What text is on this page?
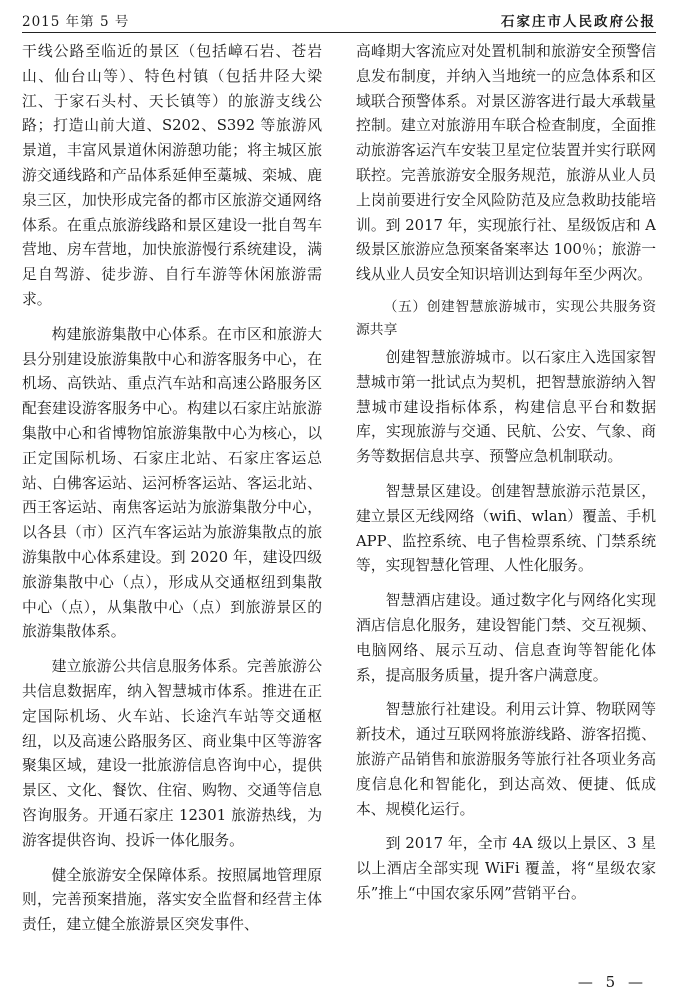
2015 年第 5 号	石家庄市人民政府公报

干线公路至临近的景区（包括嶂石岩、苍岩山、仙台山等）、特色村镇（包括井陉大梁江、于家石头村、天长镇等）的旅游支线公路；打造山前大道、S202、S392 等旅游风景道，丰富风景道休闲游憩功能；将主城区旅游交通线路和产品体系延伸至藁城、栾城、鹿泉三区，加快形成完备的都市区旅游交通网络体系。在重点旅游线路和景区建设一批自驾车营地、房车营地，加快旅游慢行系统建设，满足自驾游、徒步游、自行车游等休闲旅游需求。

构建旅游集散中心体系。在市区和旅游大县分别建设旅游集散中心和游客服务中心，在机场、高铁站、重点汽车站和高速公路服务区配套建设游客服务中心。构建以石家庄站旅游集散中心和省博物馆旅游集散中心为核心，以正定国际机场、石家庄北站、石家庄客运总站、白佛客运站、运河桥客运站、客运北站、西王客运站、南焦客运站为旅游集散分中心，以各县（市）区汽车客运站为旅游集散点的旅游集散中心体系建设。到 2020 年，建设四级旅游集散中心（点），形成从交通枢纽到集散中心（点），从集散中心（点）到旅游景区的旅游集散体系。

建立旅游公共信息服务体系。完善旅游公共信息数据库，纳入智慧城市体系。推进在正定国际机场、火车站、长途汽车站等交通枢纽，以及高速公路服务区、商业集中区等游客聚集区域，建设一批旅游信息咨询中心，提供景区、文化、餐饮、住宿、购物、交通等信息咨询服务。开通石家庄 12301 旅游热线，为游客提供咨询、投诉一体化服务。

健全旅游安全保障体系。按照属地管理原则，完善预案措施，落实安全监督和经营主体责任，建立健全旅游景区突发事件、

高峰期大客流应对处置机制和旅游安全预警信息发布制度，并纳入当地统一的应急体系和区域联合预警体系。对景区游客进行最大承载量控制。建立对旅游用车联合检查制度，全面推动旅游客运汽车安装卫星定位装置并实行联网联控。完善旅游安全服务规范，旅游从业人员上岗前要进行安全风险防范及应急救助技能培训。到 2017 年，实现旅行社、星级饭店和 A 级景区旅游应急预案备案率达 100％；旅游一线从业人员安全知识培训达到每年至少两次。

（五）创建智慧旅游城市，实现公共服务资源共享

创建智慧旅游城市。以石家庄入选国家智慧城市第一批试点为契机，把智慧旅游纳入智慧城市建设指标体系，构建信息平台和数据库，实现旅游与交通、民航、公安、气象、商务等数据信息共享、预警应急机制联动。

智慧景区建设。创建智慧旅游示范景区，建立景区无线网络（wifi、wlan）覆盖、手机 APP、监控系统、电子售检票系统、门禁系统等，实现智慧化管理、人性化服务。

智慧酒店建设。通过数字化与网络化实现酒店信息化服务，建设智能门禁、交互视频、电脑网络、展示互动、信息查询等智能化体系，提高服务质量，提升客户满意度。

智慧旅行社建设。利用云计算、物联网等新技术，通过互联网将旅游线路、游客招揽、旅游产品销售和旅游服务等旅行社各项业务高度信息化和智能化，到达高效、便捷、低成本、规模化运行。

到 2017 年，全市 4A 级以上景区、3 星以上酒店全部实现 WiFi 覆盖，将“星级农家乐”推上“中国农家乐网”营销平台。

— 5 —
